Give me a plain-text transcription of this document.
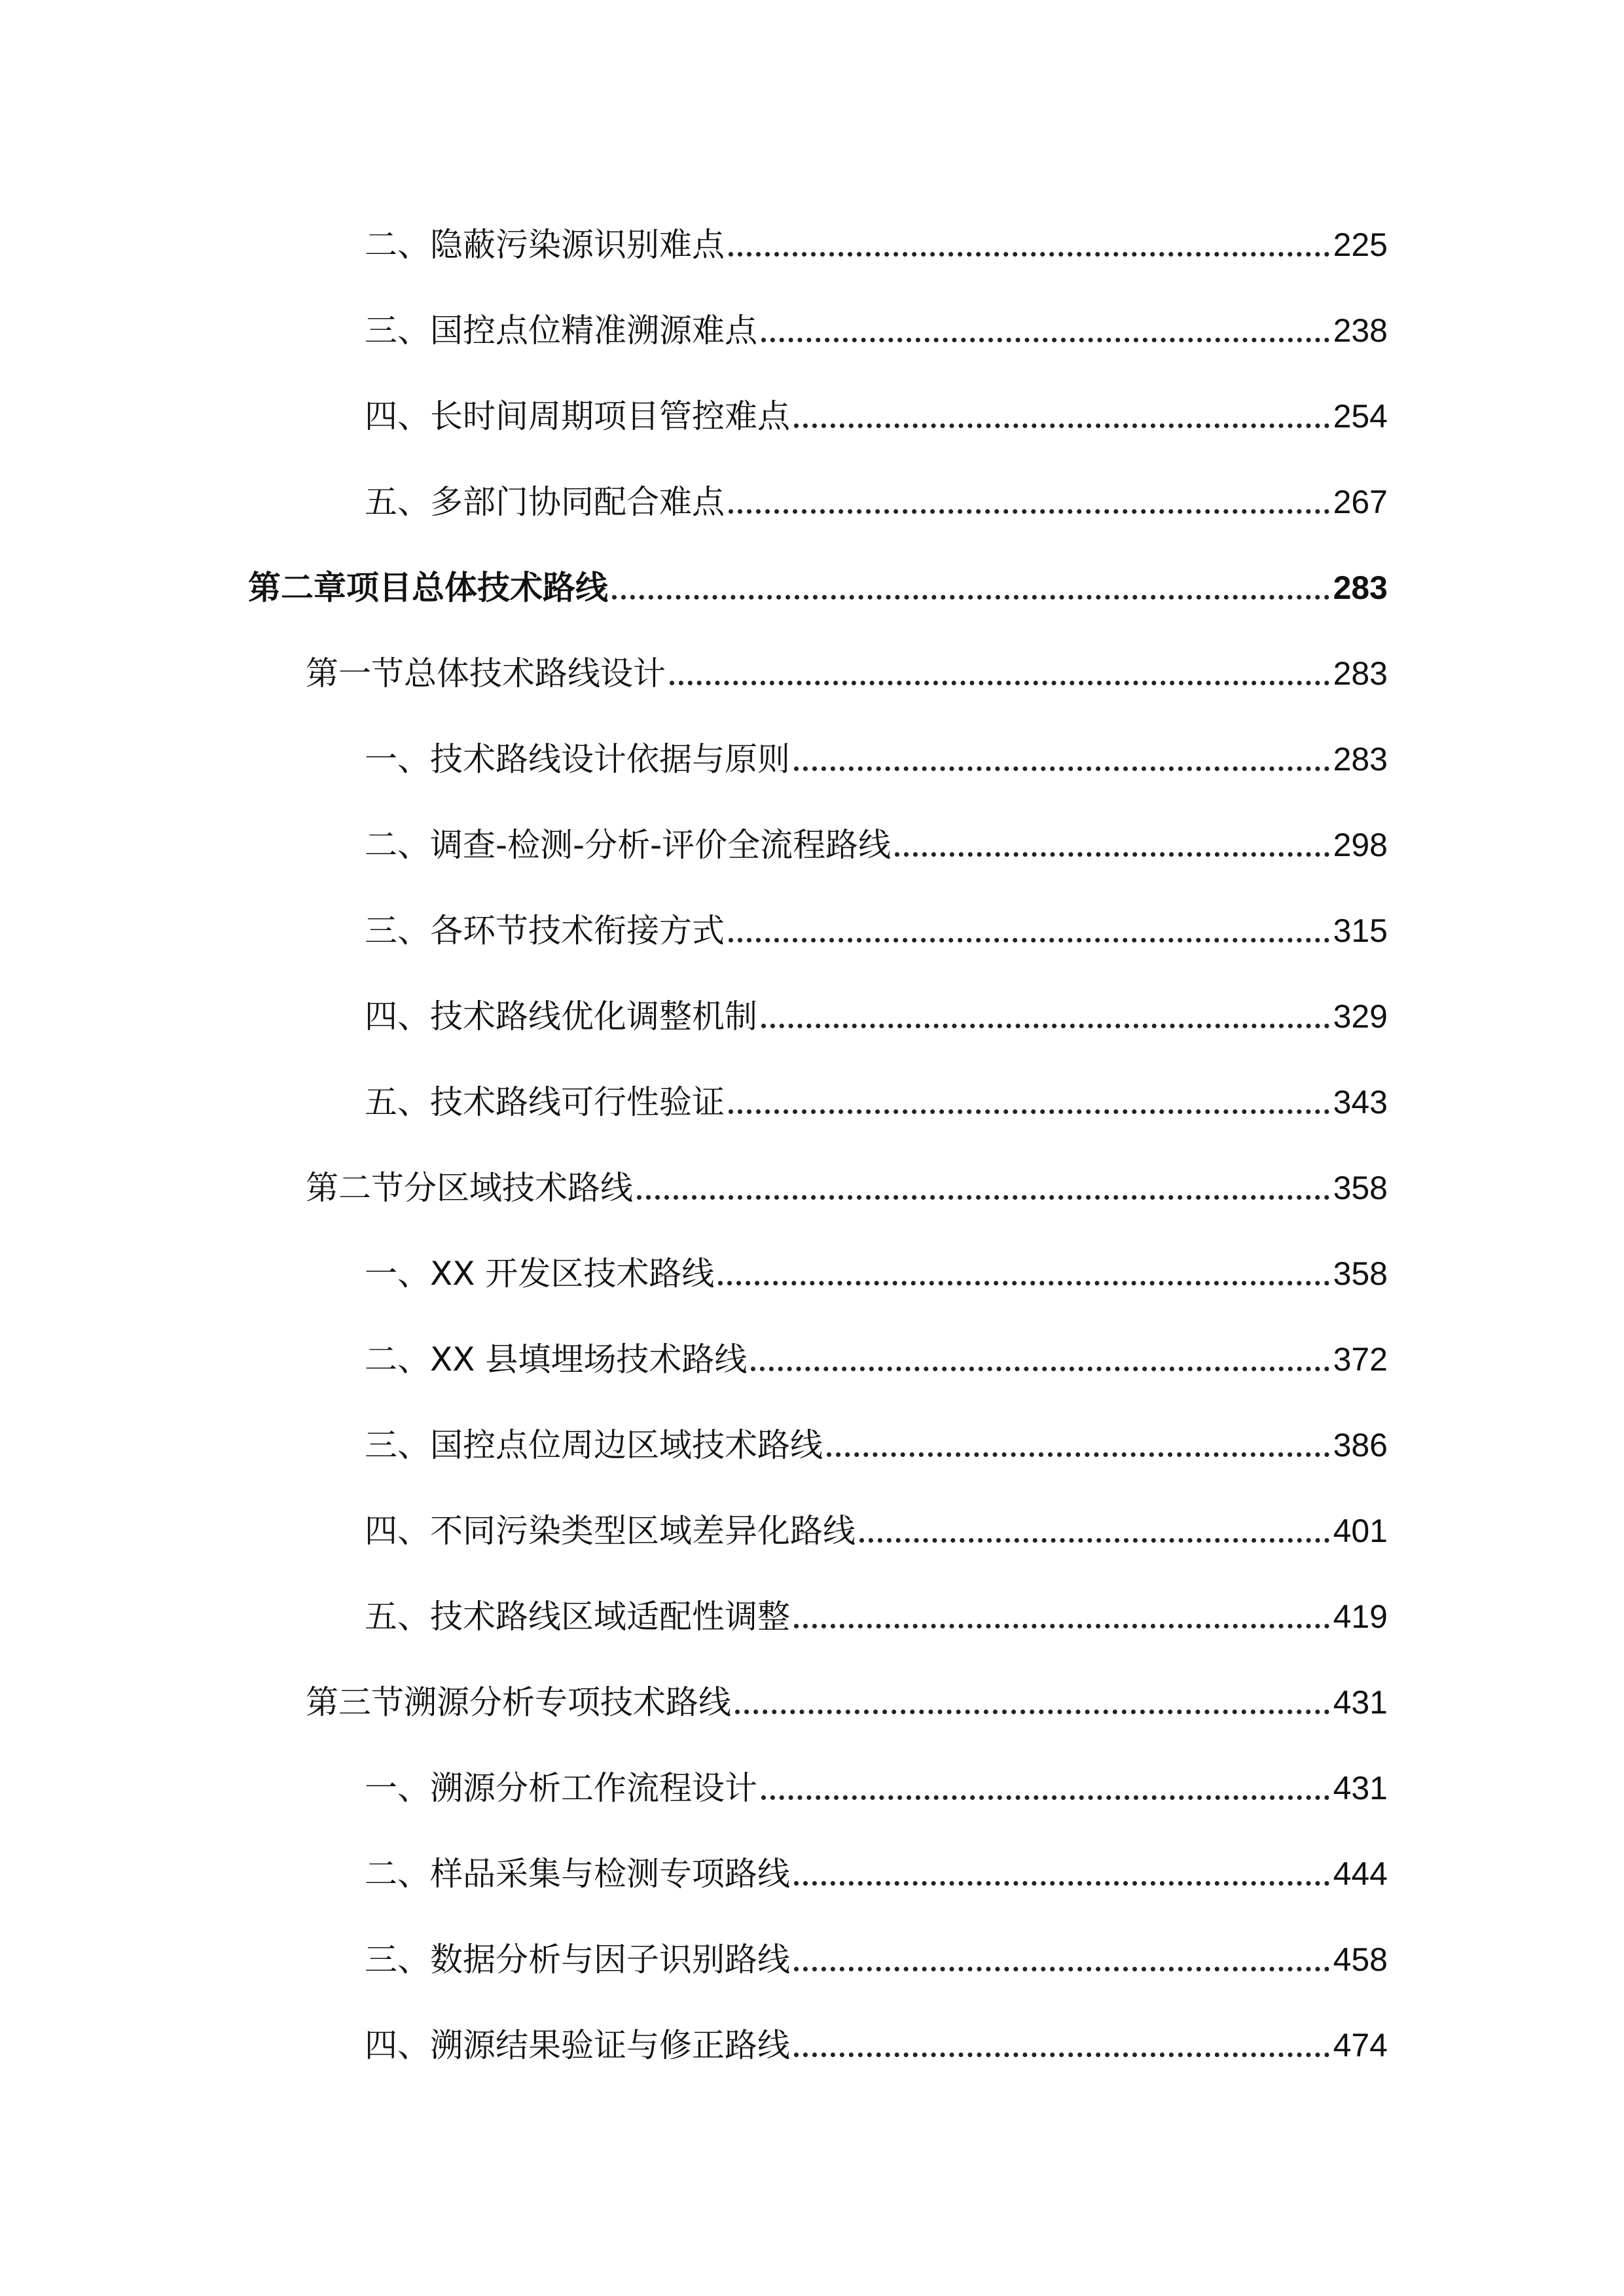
二、隐蔽污染源识别难点	225
三、国控点位精准溯源难点	238
四、长时间周期项目管控难点	254
五、多部门协同配合难点	267
第二章项目总体技术路线	283
第一节总体技术路线设计	283
一、技术路线设计依据与原则	283
二、调查-检测-分析-评价全流程路线	298
三、各环节技术衔接方式	315
四、技术路线优化调整机制	329
五、技术路线可行性验证	343
第二节分区域技术路线	358
一、XX 开发区技术路线	358
二、XX 县填埋场技术路线	372
三、国控点位周边区域技术路线	386
四、不同污染类型区域差异化路线	401
五、技术路线区域适配性调整	419
第三节溯源分析专项技术路线	431
一、溯源分析工作流程设计	431
二、样品采集与检测专项路线	444
三、数据分析与因子识别路线	458
四、溯源结果验证与修正路线	474
